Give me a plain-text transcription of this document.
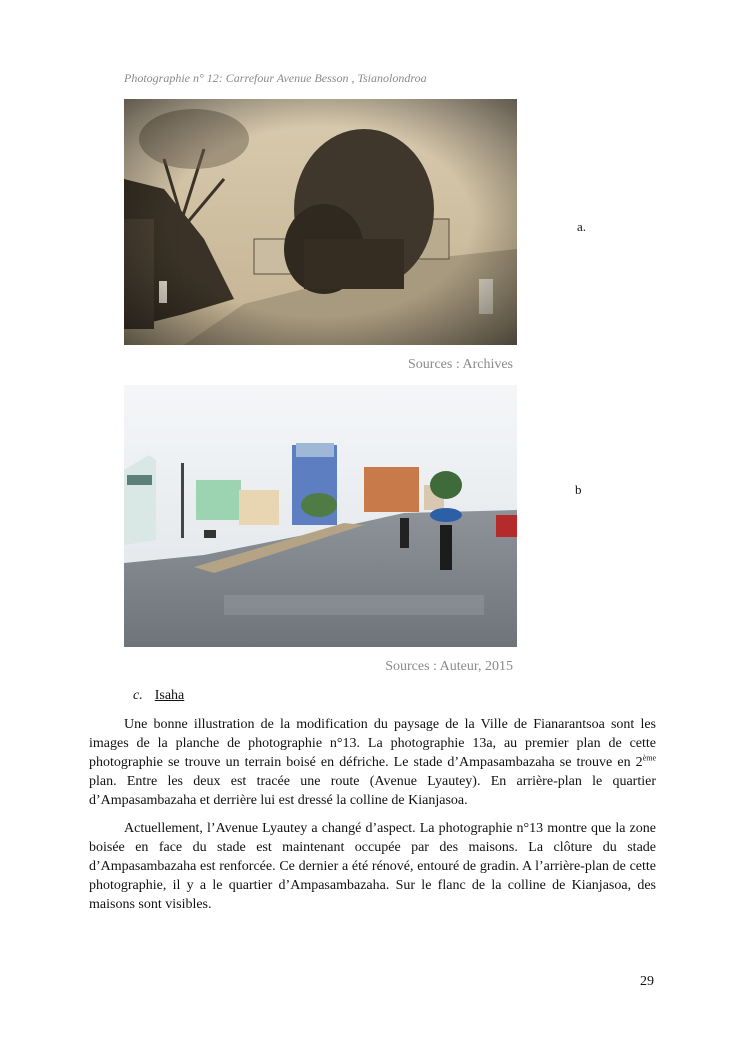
Photographie n° 12: Carrefour Avenue Besson , Tsianolondroa
a.
Sources : Archives
b
Sources : Auteur, 2015
c. Isaha

Une bonne illustration de la modification du paysage de la Ville de Fianarantsoa sont les images de la planche de photographie n°13. La photographie 13a, au premier plan de cette photographie se trouve un terrain boisé en défriche. Le stade d’Ampasambazaha se trouve en 2ème plan. Entre les deux est tracée une route (Avenue Lyautey). En arrière-plan le quartier d’Ampasambazaha et derrière lui est dressé la colline de Kianjasoa.

Actuellement, l’Avenue Lyautey a changé d’aspect. La photographie n°13 montre que la zone boisée en face du stade est maintenant occupée par des maisons. La clôture du stade d’Ampasambazaha est renforcée. Ce dernier a été rénové, entouré de gradin. A l’arrière-plan de cette photographie, il y a le quartier d’Ampasambazaha. Sur le flanc de la colline de Kianjasoa, des maisons sont visibles.

29
